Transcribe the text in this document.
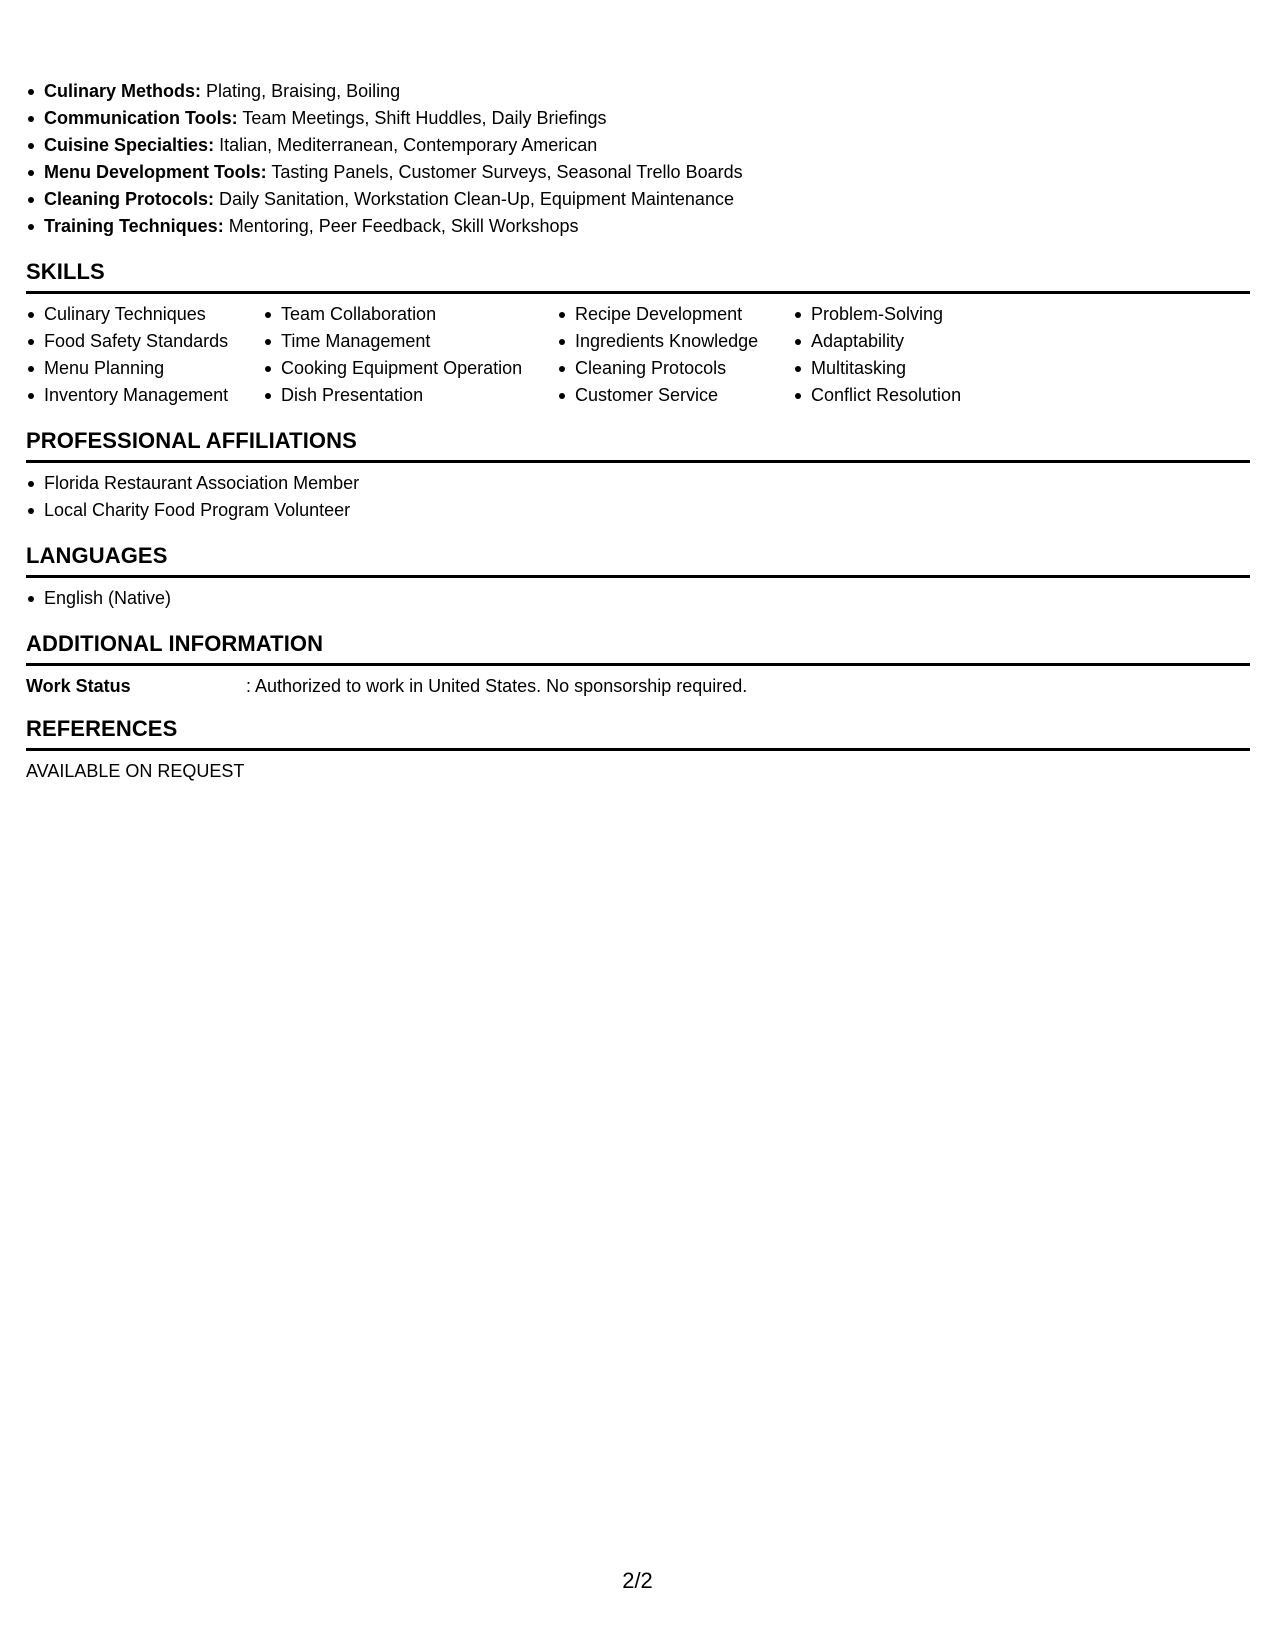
Culinary Methods: Plating, Braising, Boiling
Communication Tools: Team Meetings, Shift Huddles, Daily Briefings
Cuisine Specialties: Italian, Mediterranean, Contemporary American
Menu Development Tools: Tasting Panels, Customer Surveys, Seasonal Trello Boards
Cleaning Protocols: Daily Sanitation, Workstation Clean-Up, Equipment Maintenance
Training Techniques: Mentoring, Peer Feedback, Skill Workshops
SKILLS
Culinary Techniques
Food Safety Standards
Menu Planning
Inventory Management
Team Collaboration
Time Management
Cooking Equipment Operation
Dish Presentation
Recipe Development
Ingredients Knowledge
Cleaning Protocols
Customer Service
Problem-Solving
Adaptability
Multitasking
Conflict Resolution
PROFESSIONAL AFFILIATIONS
Florida Restaurant Association Member
Local Charity Food Program Volunteer
LANGUAGES
English (Native)
ADDITIONAL INFORMATION
Work Status	: Authorized to work in United States. No sponsorship required.
REFERENCES
AVAILABLE ON REQUEST
2/2
